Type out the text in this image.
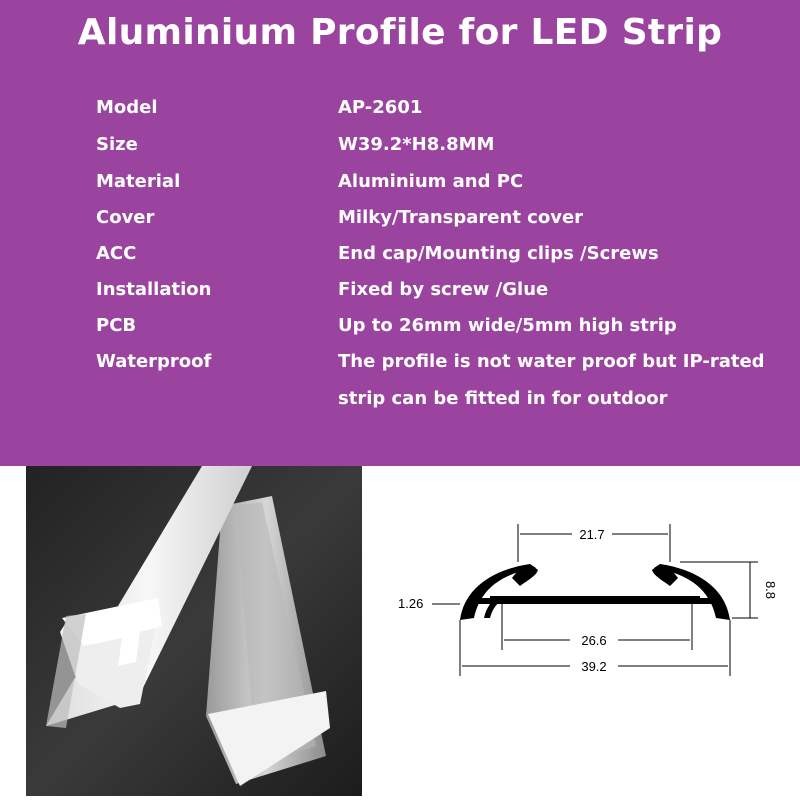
Aluminium Profile for LED Strip
Model	AP-2601
Size	W39.2*H8.8MM
Material	Aluminium and PC
Cover	Milky/Transparent cover
ACC	End cap/Mounting clips /Screws
Installation	Fixed by screw /Glue
PCB	Up to 26mm wide/5mm high strip
Waterproof	The profile is not water proof but IP-rated
strip can be fitted in for outdoor
21.7
8.8
1.26
26.6
39.2
